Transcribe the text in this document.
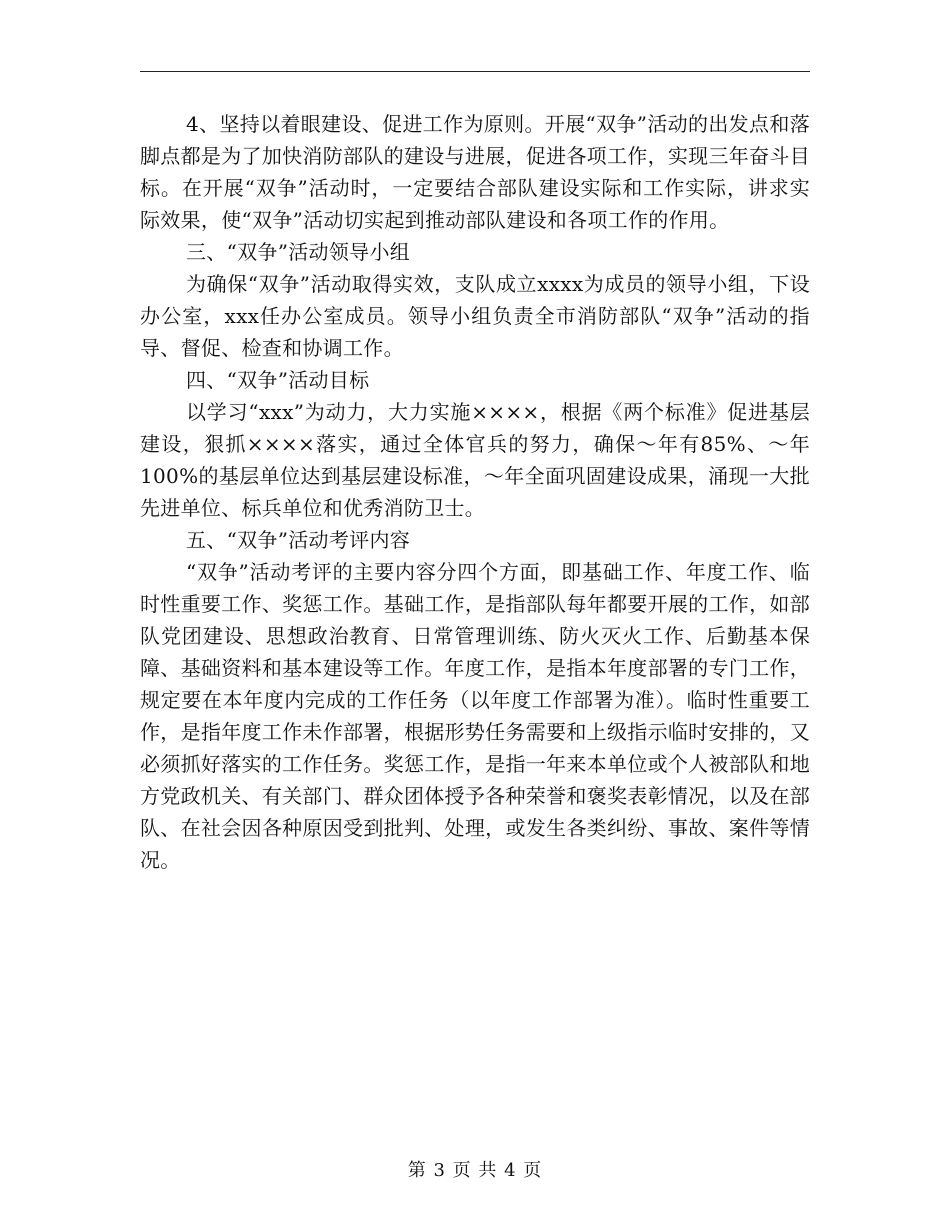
4、坚持以着眼建设、促进工作为原则。开展“双争”活动的出发点和落脚点都是为了加快消防部队的建设与进展，促进各项工作，实现三年奋斗目标。在开展“双争”活动时，一定要结合部队建设实际和工作实际，讲求实际效果，使“双争”活动切实起到推动部队建设和各项工作的作用。

三、“双争”活动领导小组

为确保“双争”活动取得实效，支队成立xxxx为成员的领导小组，下设办公室，xxx任办公室成员。领导小组负责全市消防部队“双争”活动的指导、督促、检查和协调工作。

四、“双争”活动目标

以学习“xxx”为动力，大力实施××××，根据《两个标准》促进基层建设，狠抓××××落实，通过全体官兵的努力，确保～年有85%、～年100%的基层单位达到基层建设标准，～年全面巩固建设成果，涌现一大批先进单位、标兵单位和优秀消防卫士。

五、“双争”活动考评内容

“双争”活动考评的主要内容分四个方面，即基础工作、年度工作、临时性重要工作、奖惩工作。基础工作，是指部队每年都要开展的工作，如部队党团建设、思想政治教育、日常管理训练、防火灭火工作、后勤基本保障、基础资料和基本建设等工作。年度工作，是指本年度部署的专门工作，规定要在本年度内完成的工作任务（以年度工作部署为准）。临时性重要工作，是指年度工作未作部署，根据形势任务需要和上级指示临时安排的，又必须抓好落实的工作任务。奖惩工作，是指一年来本单位或个人被部队和地方党政机关、有关部门、群众团体授予各种荣誉和褒奖表彰情况，以及在部队、在社会因各种原因受到批判、处理，或发生各类纠纷、事故、案件等情况。

第 3 页 共 4 页
